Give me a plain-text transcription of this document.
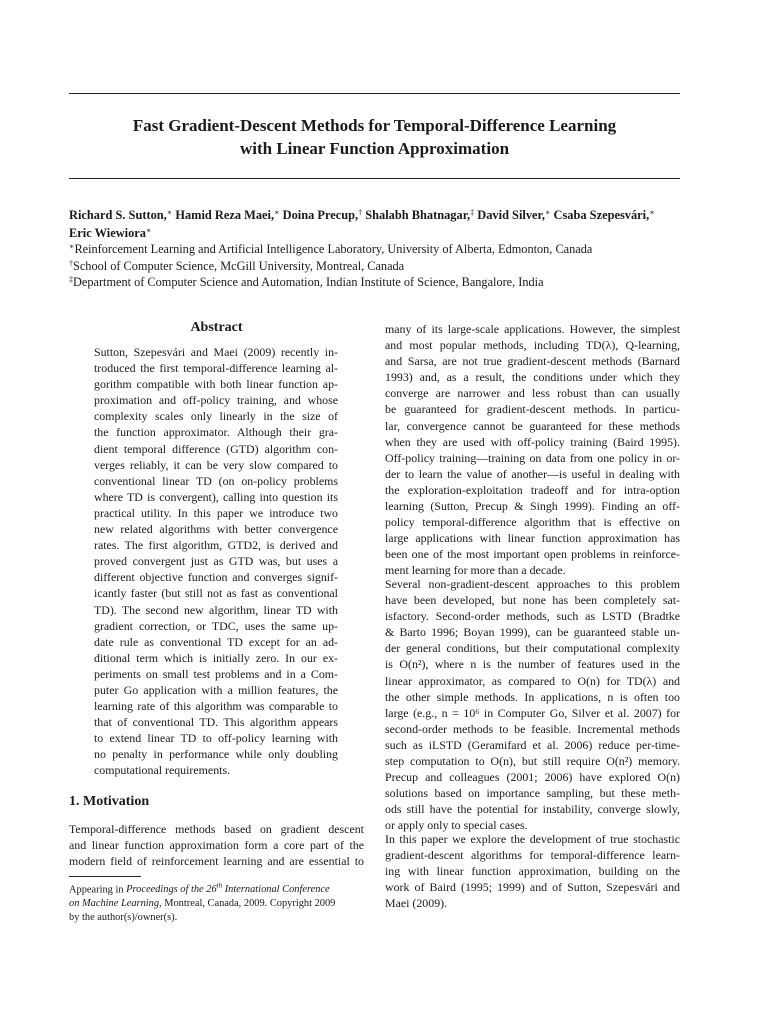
Fast Gradient-Descent Methods for Temporal-Difference Learning
with Linear Function Approximation
Richard S. Sutton,∗ Hamid Reza Maei,∗ Doina Precup,† Shalabh Bhatnagar,‡ David Silver,∗ Csaba Szepesvári,∗
Eric Wiewiora∗
∗Reinforcement Learning and Artificial Intelligence Laboratory, University of Alberta, Edmonton, Canada
†School of Computer Science, McGill University, Montreal, Canada
‡Department of Computer Science and Automation, Indian Institute of Science, Bangalore, India
Abstract
Sutton, Szepesvári and Maei (2009) recently in-
troduced the first temporal-difference learning al-
gorithm compatible with both linear function ap-
proximation and off-policy training, and whose
complexity scales only linearly in the size of
the function approximator. Although their gra-
dient temporal difference (GTD) algorithm con-
verges reliably, it can be very slow compared to
conventional linear TD (on on-policy problems
where TD is convergent), calling into question its
practical utility. In this paper we introduce two
new related algorithms with better convergence
rates. The first algorithm, GTD2, is derived and
proved convergent just as GTD was, but uses a
different objective function and converges signif-
icantly faster (but still not as fast as conventional
TD). The second new algorithm, linear TD with
gradient correction, or TDC, uses the same up-
date rule as conventional TD except for an ad-
ditional term which is initially zero. In our ex-
periments on small test problems and in a Com-
puter Go application with a million features, the
learning rate of this algorithm was comparable to
that of conventional TD. This algorithm appears
to extend linear TD to off-policy learning with
no penalty in performance while only doubling
computational requirements.
1. Motivation
Temporal-difference methods based on gradient descent
and linear function approximation form a core part of the
modern field of reinforcement learning and are essential to
Appearing in Proceedings of the 26th International Conference
on Machine Learning, Montreal, Canada, 2009. Copyright 2009
by the author(s)/owner(s).
many of its large-scale applications. However, the simplest
and most popular methods, including TD(λ), Q-learning,
and Sarsa, are not true gradient-descent methods (Barnard
1993) and, as a result, the conditions under which they
converge are narrower and less robust than can usually
be guaranteed for gradient-descent methods. In particu-
lar, convergence cannot be guaranteed for these methods
when they are used with off-policy training (Baird 1995).
Off-policy training—training on data from one policy in or-
der to learn the value of another—is useful in dealing with
the exploration-exploitation tradeoff and for intra-option
learning (Sutton, Precup & Singh 1999). Finding an off-
policy temporal-difference algorithm that is effective on
large applications with linear function approximation has
been one of the most important open problems in reinforce-
ment learning for more than a decade.
Several non-gradient-descent approaches to this problem
have been developed, but none has been completely sat-
isfactory. Second-order methods, such as LSTD (Bradtke
& Barto 1996; Boyan 1999), can be guaranteed stable un-
der general conditions, but their computational complexity
is O(n²), where n is the number of features used in the
linear approximator, as compared to O(n) for TD(λ) and
the other simple methods. In applications, n is often too
large (e.g., n = 10⁶ in Computer Go, Silver et al. 2007) for
second-order methods to be feasible. Incremental methods
such as iLSTD (Geramifard et al. 2006) reduce per-time-
step computation to O(n), but still require O(n²) memory.
Precup and colleagues (2001; 2006) have explored O(n)
solutions based on importance sampling, but these meth-
ods still have the potential for instability, converge slowly,
or apply only to special cases.
In this paper we explore the development of true stochastic
gradient-descent algorithms for temporal-difference learn-
ing with linear function approximation, building on the
work of Baird (1995; 1999) and of Sutton, Szepesvári and
Maei (2009).
